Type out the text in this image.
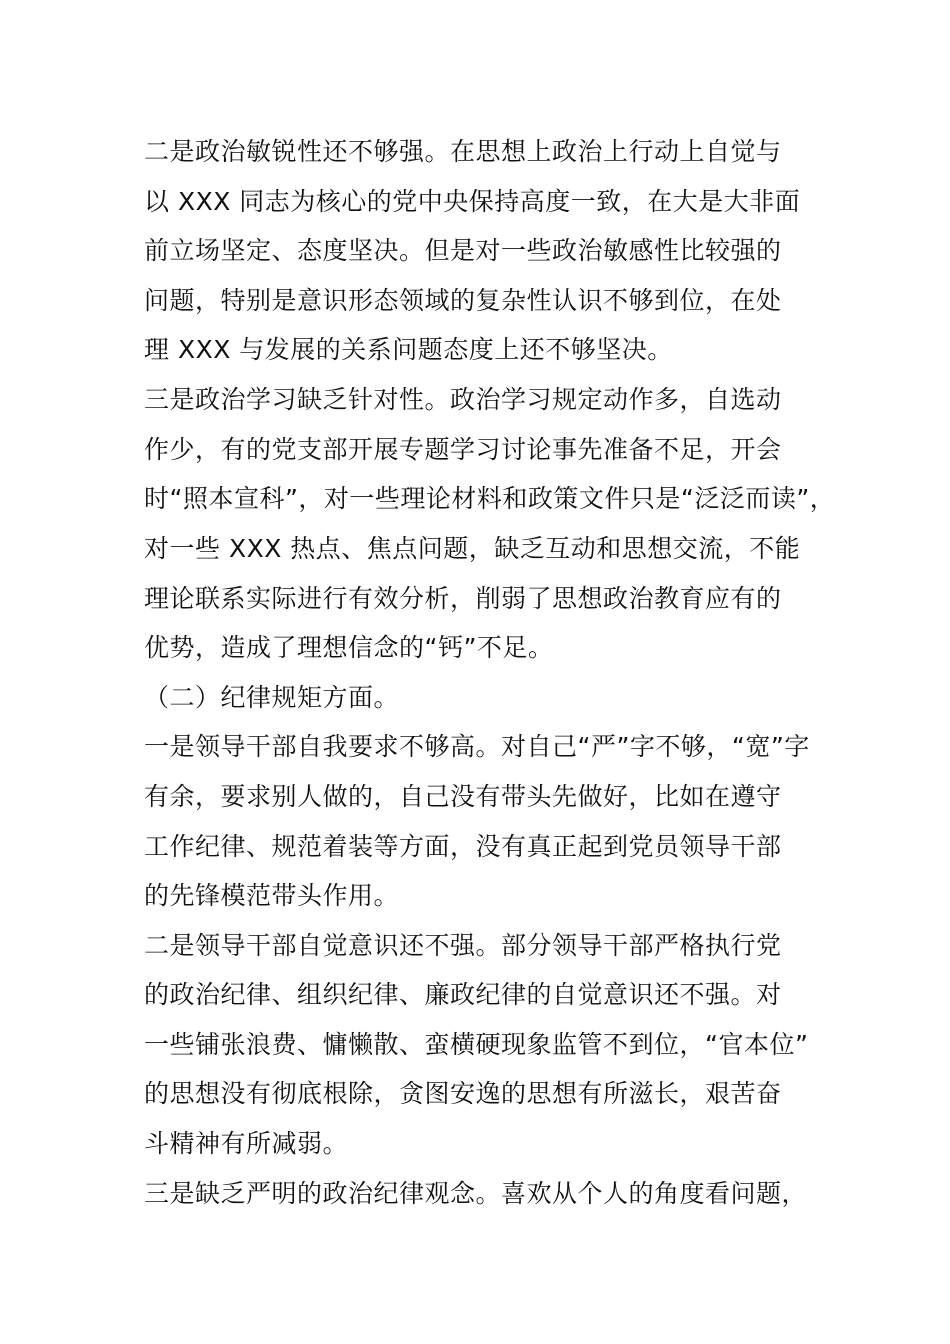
二是政治敏锐性还不够强。在思想上政治上行动上自觉与
以 XXX 同志为核心的党中央保持高度一致，在大是大非面
前立场坚定、态度坚决。但是对一些政治敏感性比较强的
问题，特别是意识形态领域的复杂性认识不够到位，在处
理 XXX 与发展的关系问题态度上还不够坚决。
三是政治学习缺乏针对性。政治学习规定动作多，自选动
作少，有的党支部开展专题学习讨论事先准备不足，开会
时“照本宣科”，对一些理论材料和政策文件只是“泛泛而读”，
对一些 XXX 热点、焦点问题，缺乏互动和思想交流，不能
理论联系实际进行有效分析，削弱了思想政治教育应有的
优势，造成了理想信念的“钙”不足。
（二）纪律规矩方面。
一是领导干部自我要求不够高。对自己“严”字不够，“宽”字
有余，要求别人做的，自己没有带头先做好，比如在遵守
工作纪律、规范着装等方面，没有真正起到党员领导干部
的先锋模范带头作用。
二是领导干部自觉意识还不强。部分领导干部严格执行党
的政治纪律、组织纪律、廉政纪律的自觉意识还不强。对
一些铺张浪费、慵懒散、蛮横硬现象监管不到位，“官本位”
的思想没有彻底根除，贪图安逸的思想有所滋长，艰苦奋
斗精神有所减弱。
三是缺乏严明的政治纪律观念。喜欢从个人的角度看问题，
